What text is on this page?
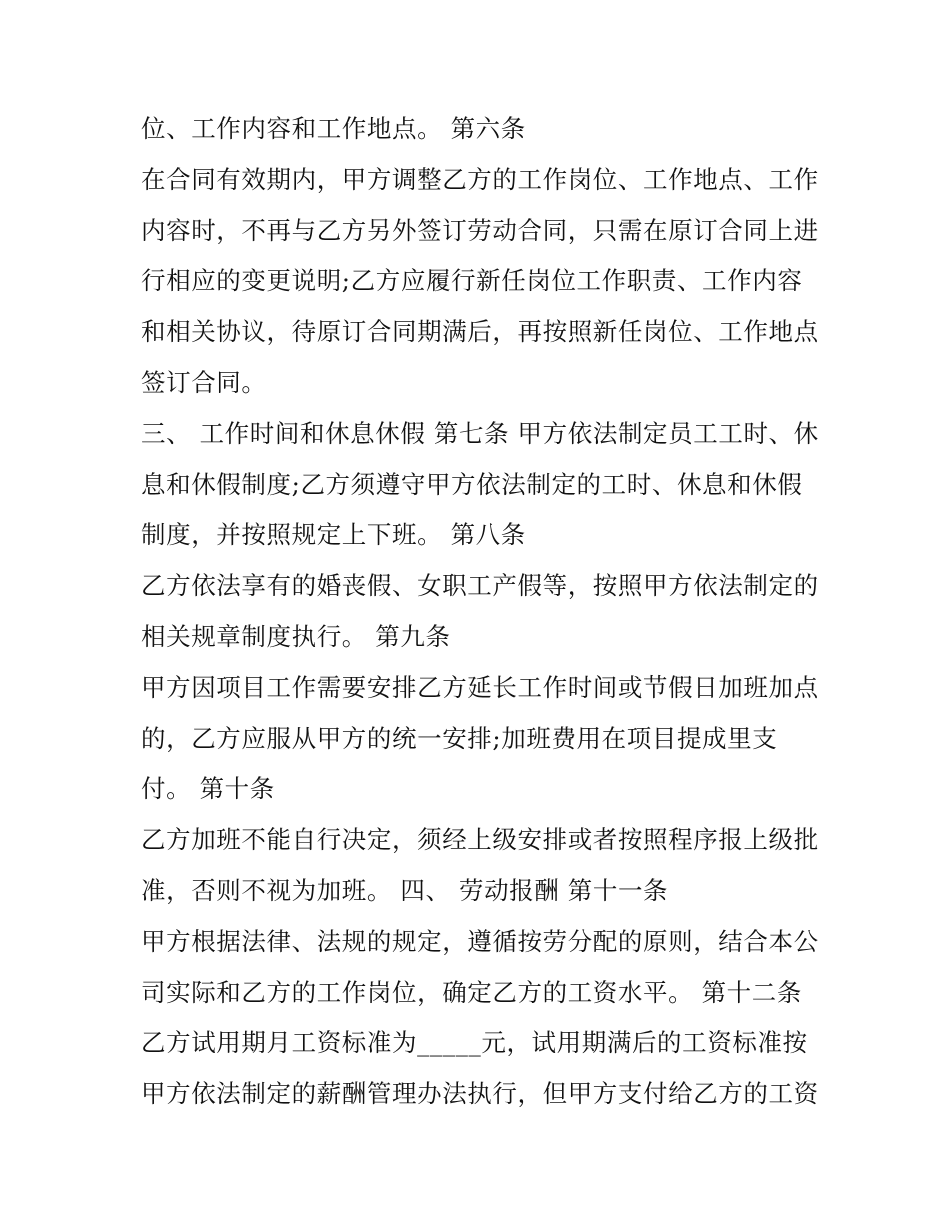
位、工作内容和工作地点。 第六条
在合同有效期内，甲方调整乙方的工作岗位、工作地点、工作
内容时，不再与乙方另外签订劳动合同，只需在原订合同上进
行相应的变更说明;乙方应履行新任岗位工作职责、工作内容
和相关协议，待原订合同期满后，再按照新任岗位、工作地点
签订合同。
三、 工作时间和休息休假 第七条 甲方依法制定员工工时、休
息和休假制度;乙方须遵守甲方依法制定的工时、休息和休假
制度，并按照规定上下班。 第八条
乙方依法享有的婚丧假、女职工产假等，按照甲方依法制定的
相关规章制度执行。 第九条
甲方因项目工作需要安排乙方延长工作时间或节假日加班加点
的，乙方应服从甲方的统一安排;加班费用在项目提成里支
付。 第十条
乙方加班不能自行决定，须经上级安排或者按照程序报上级批
准，否则不视为加班。 四、 劳动报酬 第十一条
甲方根据法律、法规的规定，遵循按劳分配的原则，结合本公
司实际和乙方的工作岗位，确定乙方的工资水平。 第十二条
乙方试用期月工资标准为_____元，试用期满后的工资标准按
甲方依法制定的薪酬管理办法执行，但甲方支付给乙方的工资
